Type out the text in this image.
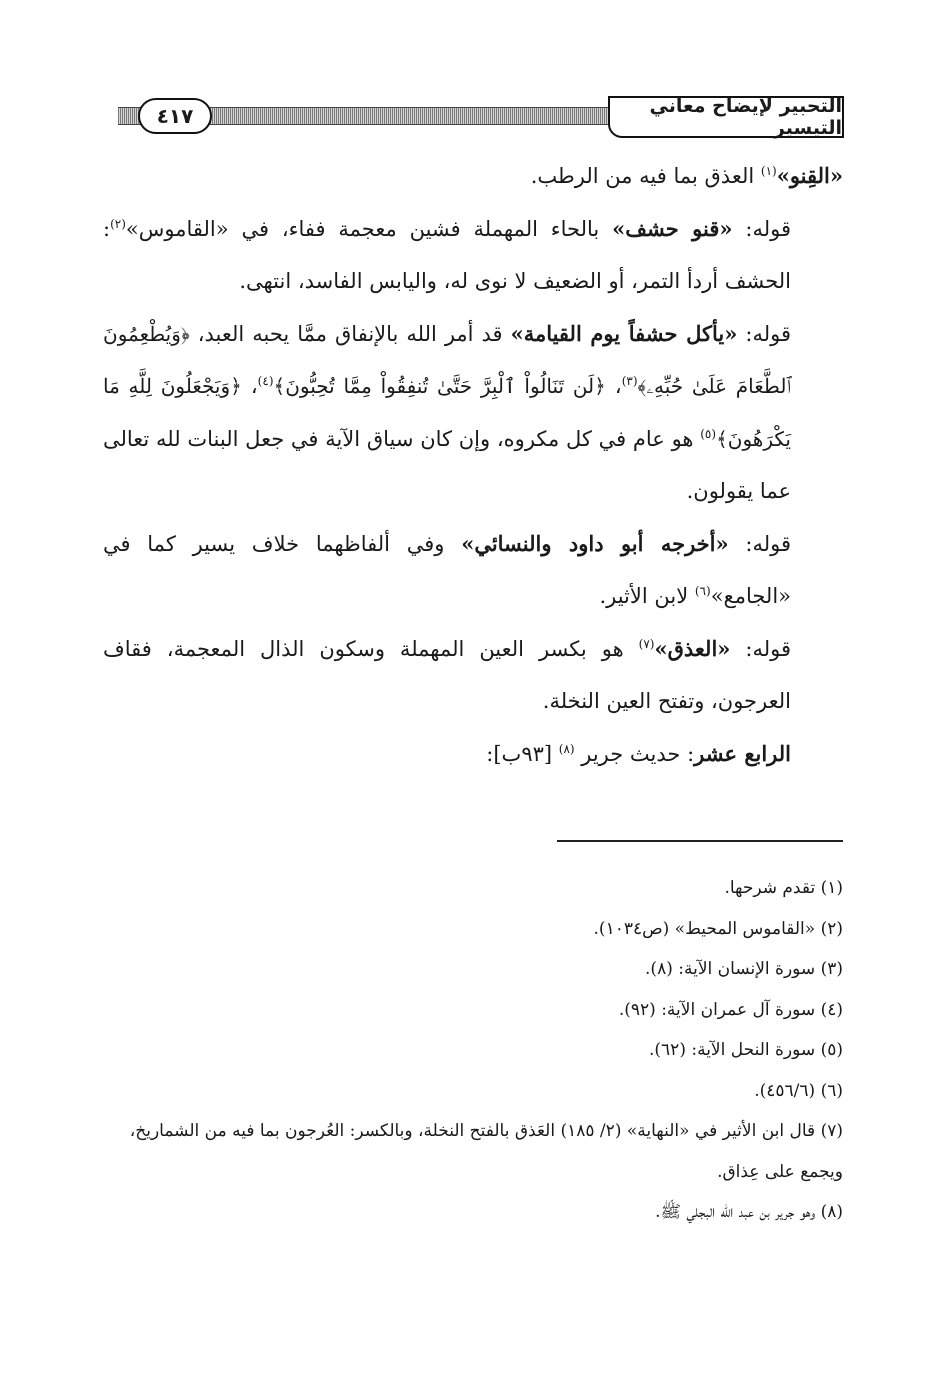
التحبير لإيضاح معاني التيسير
٤١٧

«القِنو»$^{(١)}$ العذق بما فيه من الرطب.

قوله: «قنو حشف» بالحاء المهملة فشين معجمة ففاء، في «القاموس»$^{(٢)}$: الحشف أردأ التمر، أو الضعيف لا نوى له، واليابس الفاسد، انتهى.

قوله: «يأكل حشفاً يوم القيامة» قد أمر الله بالإنفاق ممَّا يحبه العبد، ﴿وَيُطْعِمُونَ ٱلطَّعَامَ عَلَىٰ حُبِّهِۦ﴾$^{(٣)}$، ﴿لَن تَنَالُواْ ٱلْبِرَّ حَتَّىٰ تُنفِقُواْ مِمَّا تُحِبُّونَ﴾$^{(٤)}$، ﴿وَيَجْعَلُونَ لِلَّهِ مَا يَكْرَهُونَ﴾$^{(٥)}$ هو عام في كل مكروه، وإن كان سياق الآية في جعل البنات لله تعالى عما يقولون.

قوله: «أخرجه أبو داود والنسائي» وفي ألفاظهما خلاف يسير كما في «الجامع»$^{(٦)}$ لابن الأثير.

قوله: «العذق»$^{(٧)}$ هو بكسر العين المهملة وسكون الذال المعجمة، فقاف العرجون، وتفتح العين النخلة.

الرابع عشر: حديث جرير $^{(٨)}$ [٩٣ب]:

(١) تقدم شرحها.

(٢) «القاموس المحيط» (ص١٠٣٤).

(٣) سورة الإنسان الآية: (٨).

(٤) سورة آل عمران الآية: (٩٢).

(٥) سورة النحل الآية: (٦٢).

(٦) (٤٥٦/٦).

(٧) قال ابن الأثير في «النهاية» (٢/ ١٨٥) العَذق بالفتح النخلة، وبالكسر: العُرجون بما فيه من الشماريخ، ويجمع على عِذاق.

(٨) وهو جرير بن عبد الله البجلي ﷺ.
